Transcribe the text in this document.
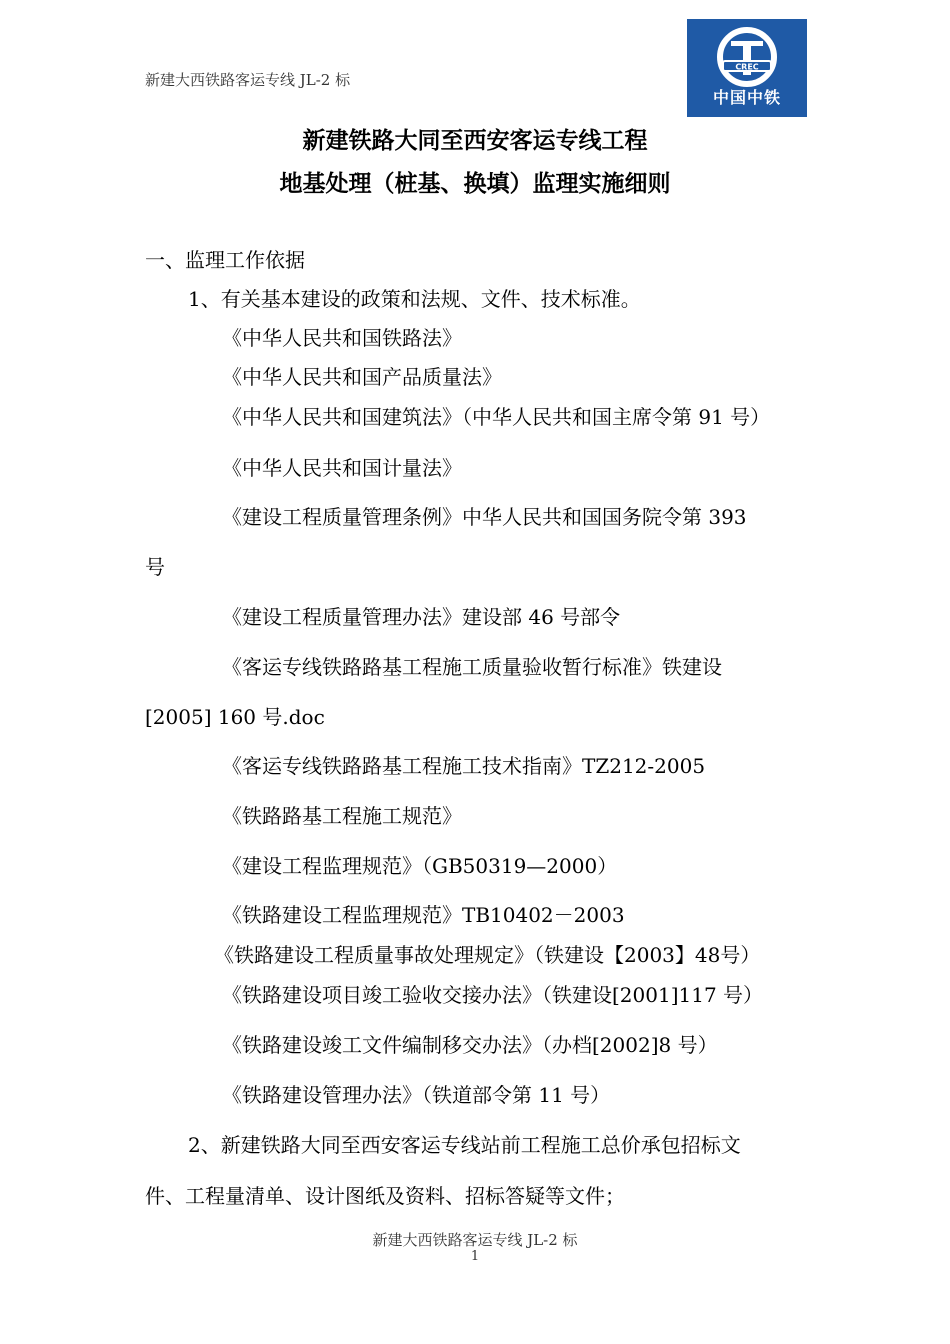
新建大西铁路客运专线 JL-2 标
CREC
中国中铁
新建铁路大同至西安客运专线工程
地基处理（桩基、换填）监理实施细则
一、监理工作依据
1、有关基本建设的政策和法规、文件、技术标准。
《中华人民共和国铁路法》
《中华人民共和国产品质量法》
《中华人民共和国建筑法》（中华人民共和国主席令第 91 号）
《中华人民共和国计量法》
《建设工程质量管理条例》中华人民共和国国务院令第 393
号
《建设工程质量管理办法》建设部 46 号部令
《客运专线铁路路基工程施工质量验收暂行标准》铁建设
[2005] 160 号.doc
《客运专线铁路路基工程施工技术指南》TZ212-2005
《铁路路基工程施工规范》
《建设工程监理规范》（GB50319—2000）
《铁路建设工程监理规范》TB10402－2003
《铁路建设工程质量事故处理规定》（铁建设【2003】48号）
《铁路建设项目竣工验收交接办法》（铁建设[2001]117 号）
《铁路建设竣工文件编制移交办法》（办档[2002]8 号）
《铁路建设管理办法》（铁道部令第 11 号）
2、新建铁路大同至西安客运专线站前工程施工总价承包招标文
件、工程量清单、设计图纸及资料、招标答疑等文件；
新建大西铁路客运专线 JL-2 标
1
